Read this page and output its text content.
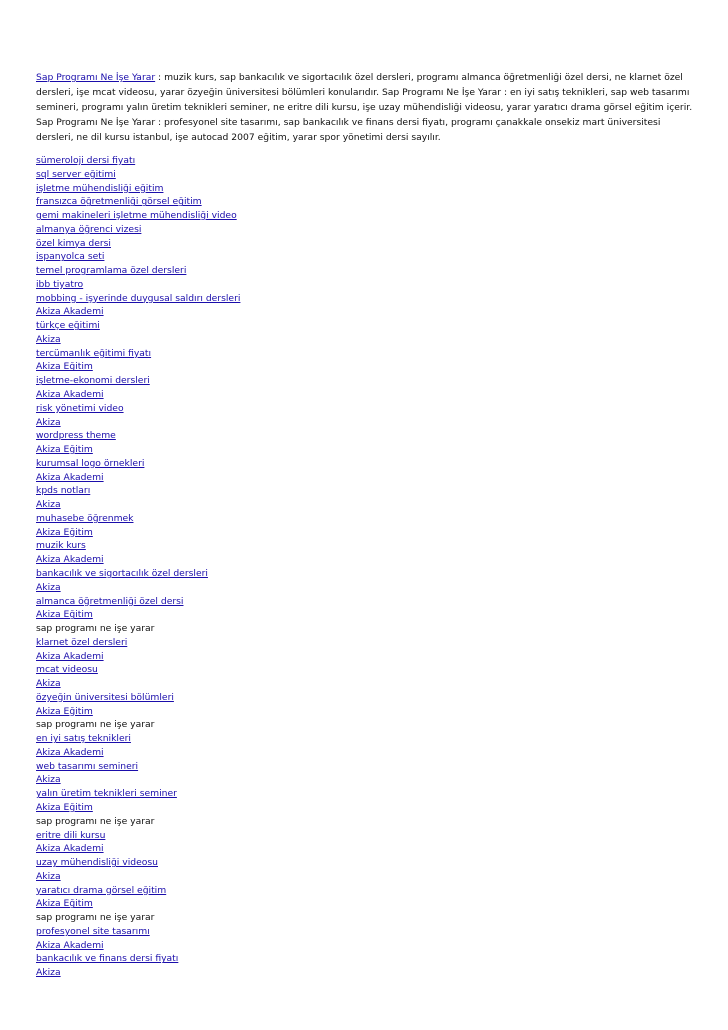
Sap Programı Ne İşe Yarar : muzik kurs, sap bankacılık ve sigortacılık özel dersleri, programı almanca öğretmenliği özel dersi, ne klarnet özel dersleri, işe mcat videosu, yarar özyeğin üniversitesi bölümleri konularıdır. Sap Programı Ne İşe Yarar : en iyi satış teknikleri, sap web tasarımı semineri, programı yalın üretim teknikleri seminer, ne eritre dili kursu, işe uzay mühendisliği videosu, yarar yaratıcı drama görsel eğitim içerir. Sap Programı Ne İşe Yarar : profesyonel site tasarımı, sap bankacılık ve finans dersi fiyatı, programı çanakkale onsekiz mart üniversitesi dersleri, ne dil kursu istanbul, işe autocad 2007 eğitim, yarar spor yönetimi dersi sayılır.

sümeroloji dersi fiyatı
sql server eğitimi
işletme mühendisliği eğitim
fransızca öğretmenliği görsel eğitim
gemi makineleri işletme mühendisliği video
almanya öğrenci vizesi
özel kimya dersi
ispanyolca seti
temel programlama özel dersleri
ibb tiyatro
mobbing - işyerinde duygusal saldırı dersleri
Akiza Akademi
türkçe eğitimi
Akiza
tercümanlık eğitimi fiyatı
Akiza Eğitim
işletme-ekonomi dersleri
Akiza Akademi
risk yönetimi video
Akiza
wordpress theme
Akiza Eğitim
kurumsal logo örnekleri
Akiza Akademi
kpds notları
Akiza
muhasebe öğrenmek
Akiza Eğitim
muzik kurs
Akiza Akademi
bankacılık ve sigortacılık özel dersleri
Akiza
almanca öğretmenliği özel dersi
Akiza Eğitim
sap programı ne işe yarar
klarnet özel dersleri
Akiza Akademi
mcat videosu
Akiza
özyeğin üniversitesi bölümleri
Akiza Eğitim
sap programı ne işe yarar
en iyi satış teknikleri
Akiza Akademi
web tasarımı semineri
Akiza
yalın üretim teknikleri seminer
Akiza Eğitim
sap programı ne işe yarar
eritre dili kursu
Akiza Akademi
uzay mühendisliği videosu
Akiza
yaratıcı drama görsel eğitim
Akiza Eğitim
sap programı ne işe yarar
profesyonel site tasarımı
Akiza Akademi
bankacılık ve finans dersi fiyatı
Akiza
